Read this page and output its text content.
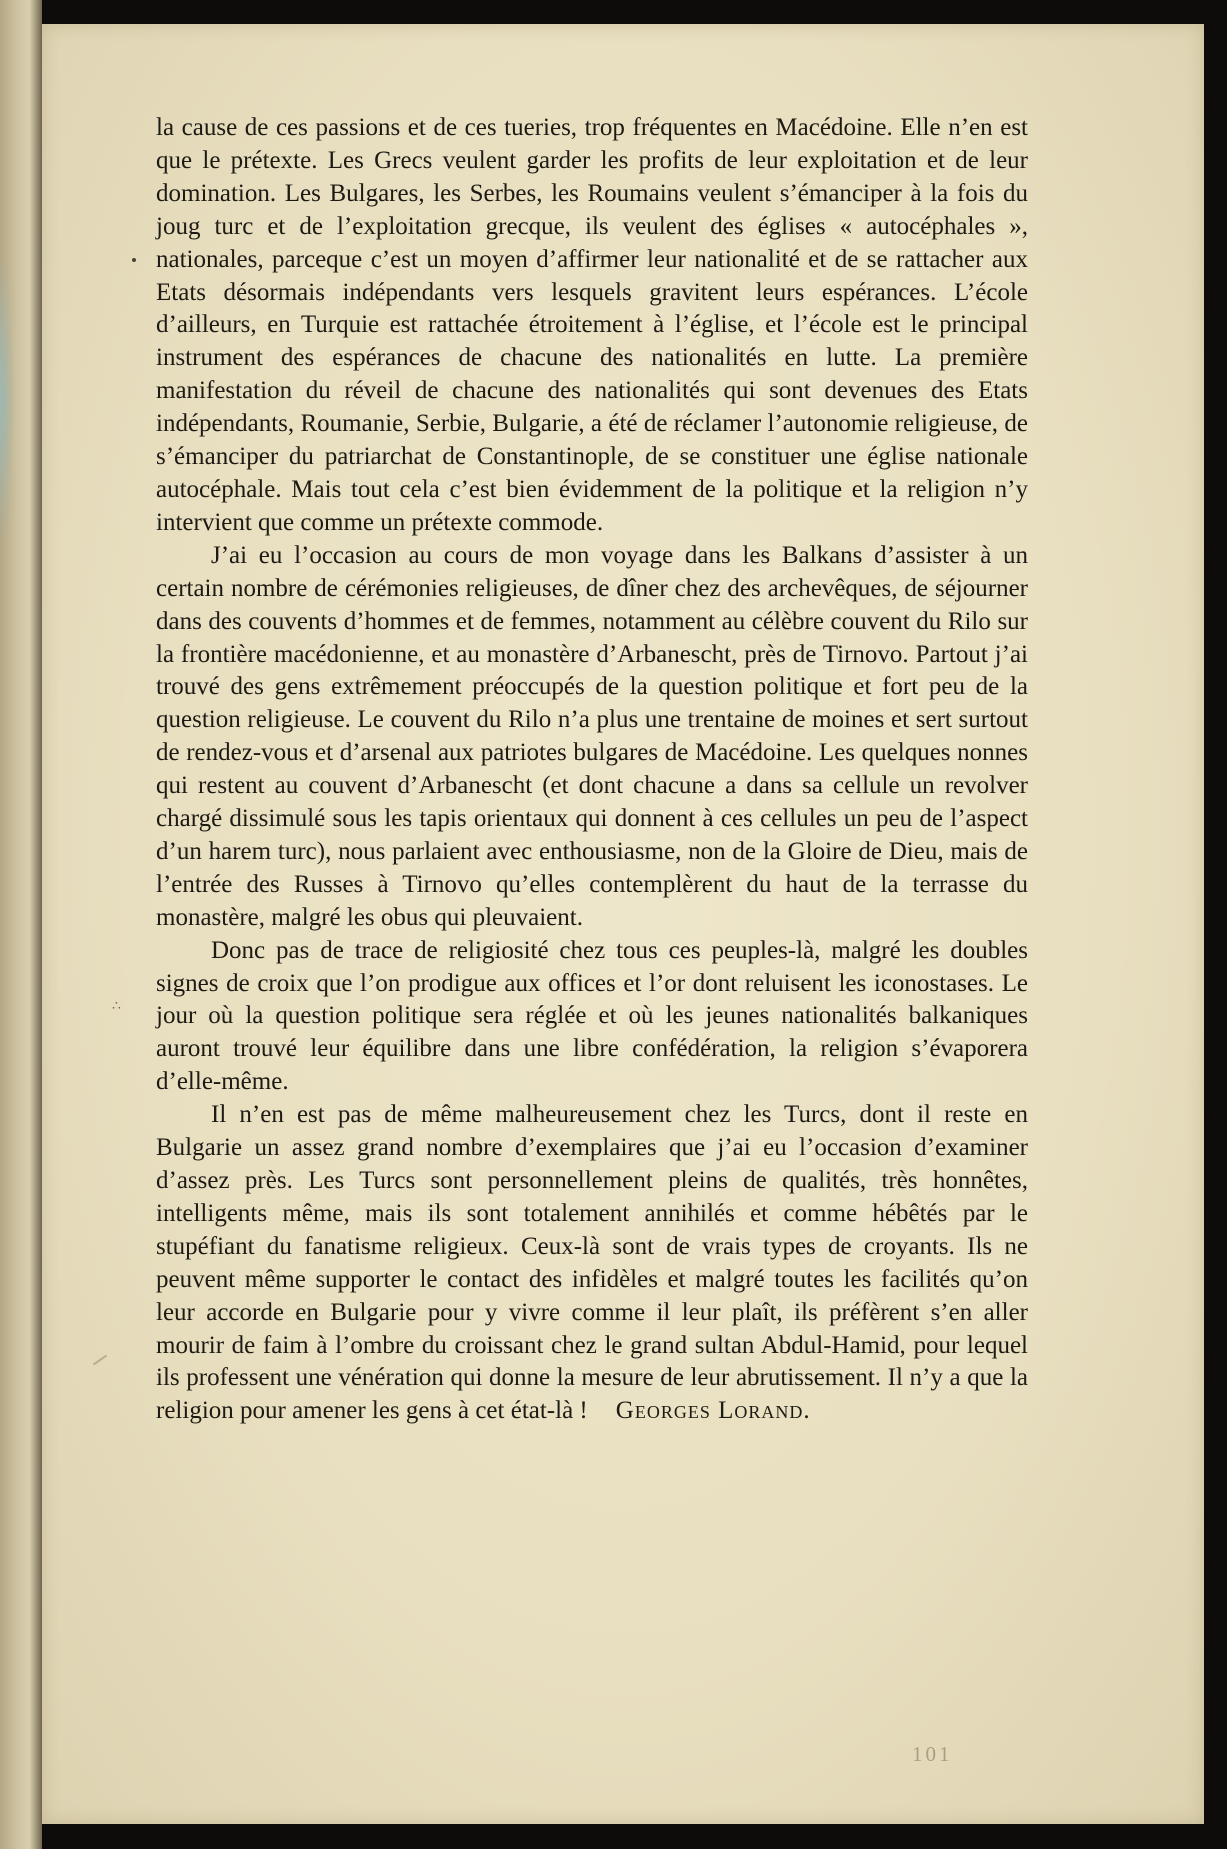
∴

la cause de ces passions et de ces tueries, trop fréquentes en Macédoine. Elle n’en est que le prétexte. Les Grecs veulent garder les profits de leur exploitation et de leur domination. Les Bulgares, les Serbes, les Roumains veulent s’émanciper à la fois du joug turc et de l’exploitation grecque, ils veulent des églises « autocéphales », nationales, parceque c’est un moyen d’affirmer leur nationalité et de se rattacher aux Etats désormais indépendants vers lesquels gravitent leurs espérances. L’école d’ailleurs, en Turquie est rattachée étroitement à l’église, et l’école est le principal instrument des espérances de chacune des nationalités en lutte. La première manifestation du réveil de chacune des nationalités qui sont devenues des Etats indépendants, Roumanie, Serbie, Bulgarie, a été de réclamer l’autonomie religieuse, de s’émanciper du patriarchat de Constantinople, de se constituer une église nationale autocéphale. Mais tout cela c’est bien évidemment de la politique et la religion n’y intervient que comme un prétexte commode.

J’ai eu l’occasion au cours de mon voyage dans les Balkans d’assister à un certain nombre de cérémonies religieuses, de dîner chez des archevêques, de séjourner dans des couvents d’hommes et de femmes, notamment au célèbre couvent du Rilo sur la frontière macédonienne, et au monastère d’Arbanescht, près de Tirnovo. Partout j’ai trouvé des gens extrêmement préoccupés de la question politique et fort peu de la question religieuse. Le couvent du Rilo n’a plus une trentaine de moines et sert surtout de rendez-vous et d’arsenal aux patriotes bulgares de Macédoine. Les quelques nonnes qui restent au couvent d’Arbanescht (et dont chacune a dans sa cellule un revolver chargé dissimulé sous les tapis orientaux qui donnent à ces cellules un peu de l’aspect d’un harem turc), nous parlaient avec enthousiasme, non de la Gloire de Dieu, mais de l’entrée des Russes à Tirnovo qu’elles contemplèrent du haut de la terrasse du monastère, malgré les obus qui pleuvaient.

Donc pas de trace de religiosité chez tous ces peuples-là, malgré les doubles signes de croix que l’on prodigue aux offices et l’or dont reluisent les iconostases. Le jour où la question politique sera réglée et où les jeunes nationalités balkaniques auront trouvé leur équilibre dans une libre confédération, la religion s’évaporera d’elle-même.

Il n’en est pas de même malheureusement chez les Turcs, dont il reste en Bulgarie un assez grand nombre d’exemplaires que j’ai eu l’occasion d’examiner d’assez près. Les Turcs sont personnellement pleins de qualités, très honnêtes, intelligents même, mais ils sont totalement annihilés et comme hébêtés par le stupéfiant du fanatisme religieux. Ceux-là sont de vrais types de croyants. Ils ne peuvent même supporter le contact des infidèles et malgré toutes les facilités qu’on leur accorde en Bulgarie pour y vivre comme il leur plaît, ils préfèrent s’en aller mourir de faim à l’ombre du croissant chez le grand sultan Abdul-Hamid, pour lequel ils professent une vénération qui donne la mesure de leur abrutissement. Il n’y a que la religion pour amener les gens à cet état-là ! Georges Lorand.

101
